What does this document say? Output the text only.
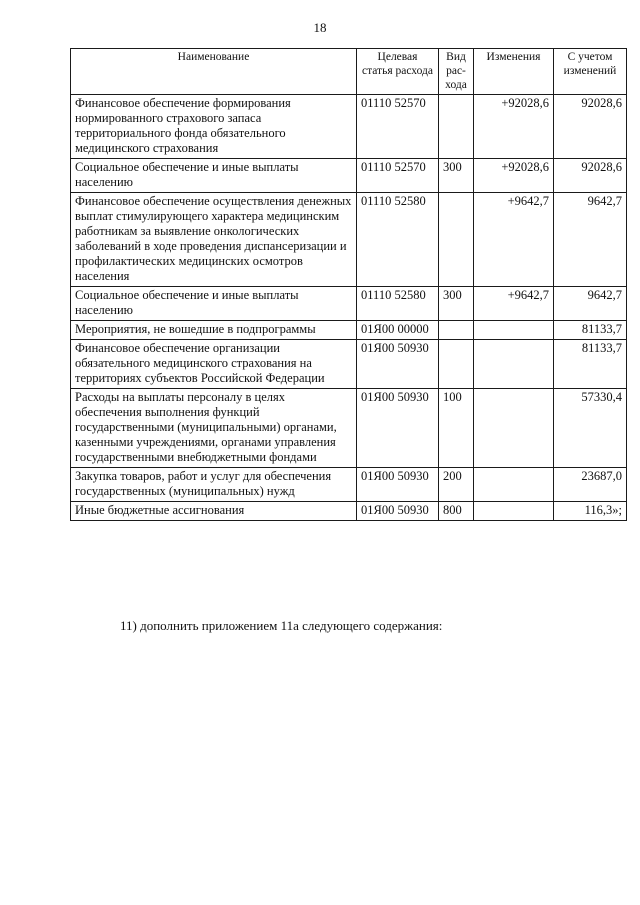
18
Наименование	Целевая статья расхода	Вид рас-хода	Изменения	С учетом изменений
Финансовое обеспечение формирования нормированного страхового запаса территориального фонда обязательного медицинского страхования	01110 52570		+92028,6	92028,6
Социальное обеспечение и иные выплаты населению	01110 52570	300	+92028,6	92028,6
Финансовое обеспечение осуществления денежных выплат стимулирующего характера медицинским работникам за выявление онкологических заболеваний в ходе проведения диспансеризации и профилактических медицинских осмотров населения	01110 52580		+9642,7	9642,7
Социальное обеспечение и иные выплаты населению	01110 52580	300	+9642,7	9642,7
Мероприятия, не вошедшие в подпрограммы	01Я00 00000			81133,7
Финансовое обеспечение организации обязательного медицинского страхования на территориях субъектов Российской Федерации	01Я00 50930			81133,7
Расходы на выплаты персоналу в целях обеспечения выполнения функций государственными (муниципальными) органами, казенными учреждениями, органами управления государственными внебюджетными фондами	01Я00 50930	100		57330,4
Закупка товаров, работ и услуг для обеспечения государственных (муниципальных) нужд	01Я00 50930	200		23687,0
Иные бюджетные ассигнования	01Я00 50930	800		116,3»;
11) дополнить приложением 11а следующего содержания:
